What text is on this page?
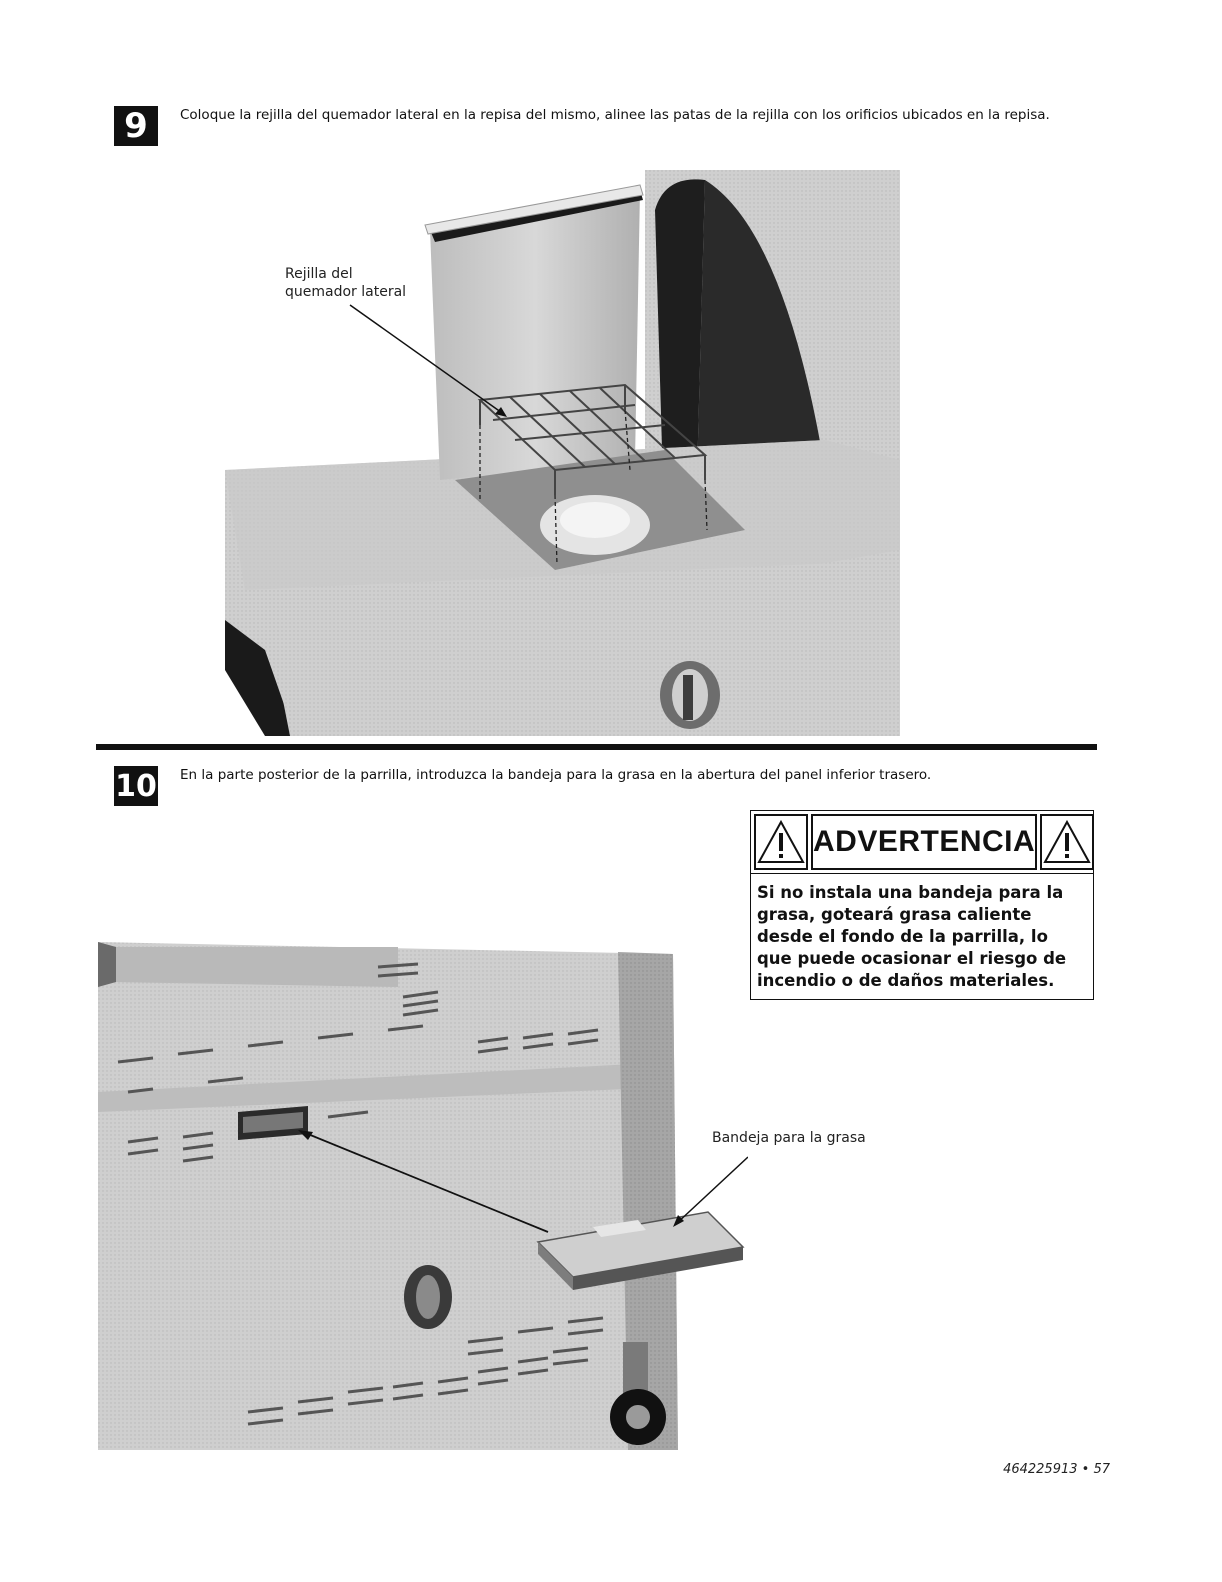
9 Coloque la rejilla del quemador lateral en la repisa del mismo, alinee las patas de la rejilla con los orificios ubicados en la repisa.
Rejilla del
quemador lateral
10 En la parte posterior de la parrilla, introduzca la bandeja para la grasa en la abertura del panel inferior trasero.
ADVERTENCIA
Si no instala una bandeja para la grasa, goteará grasa caliente desde el fondo de la parrilla, lo que puede ocasionar el riesgo de incendio o de daños materiales.
Bandeja para la grasa
464225913 • 57
